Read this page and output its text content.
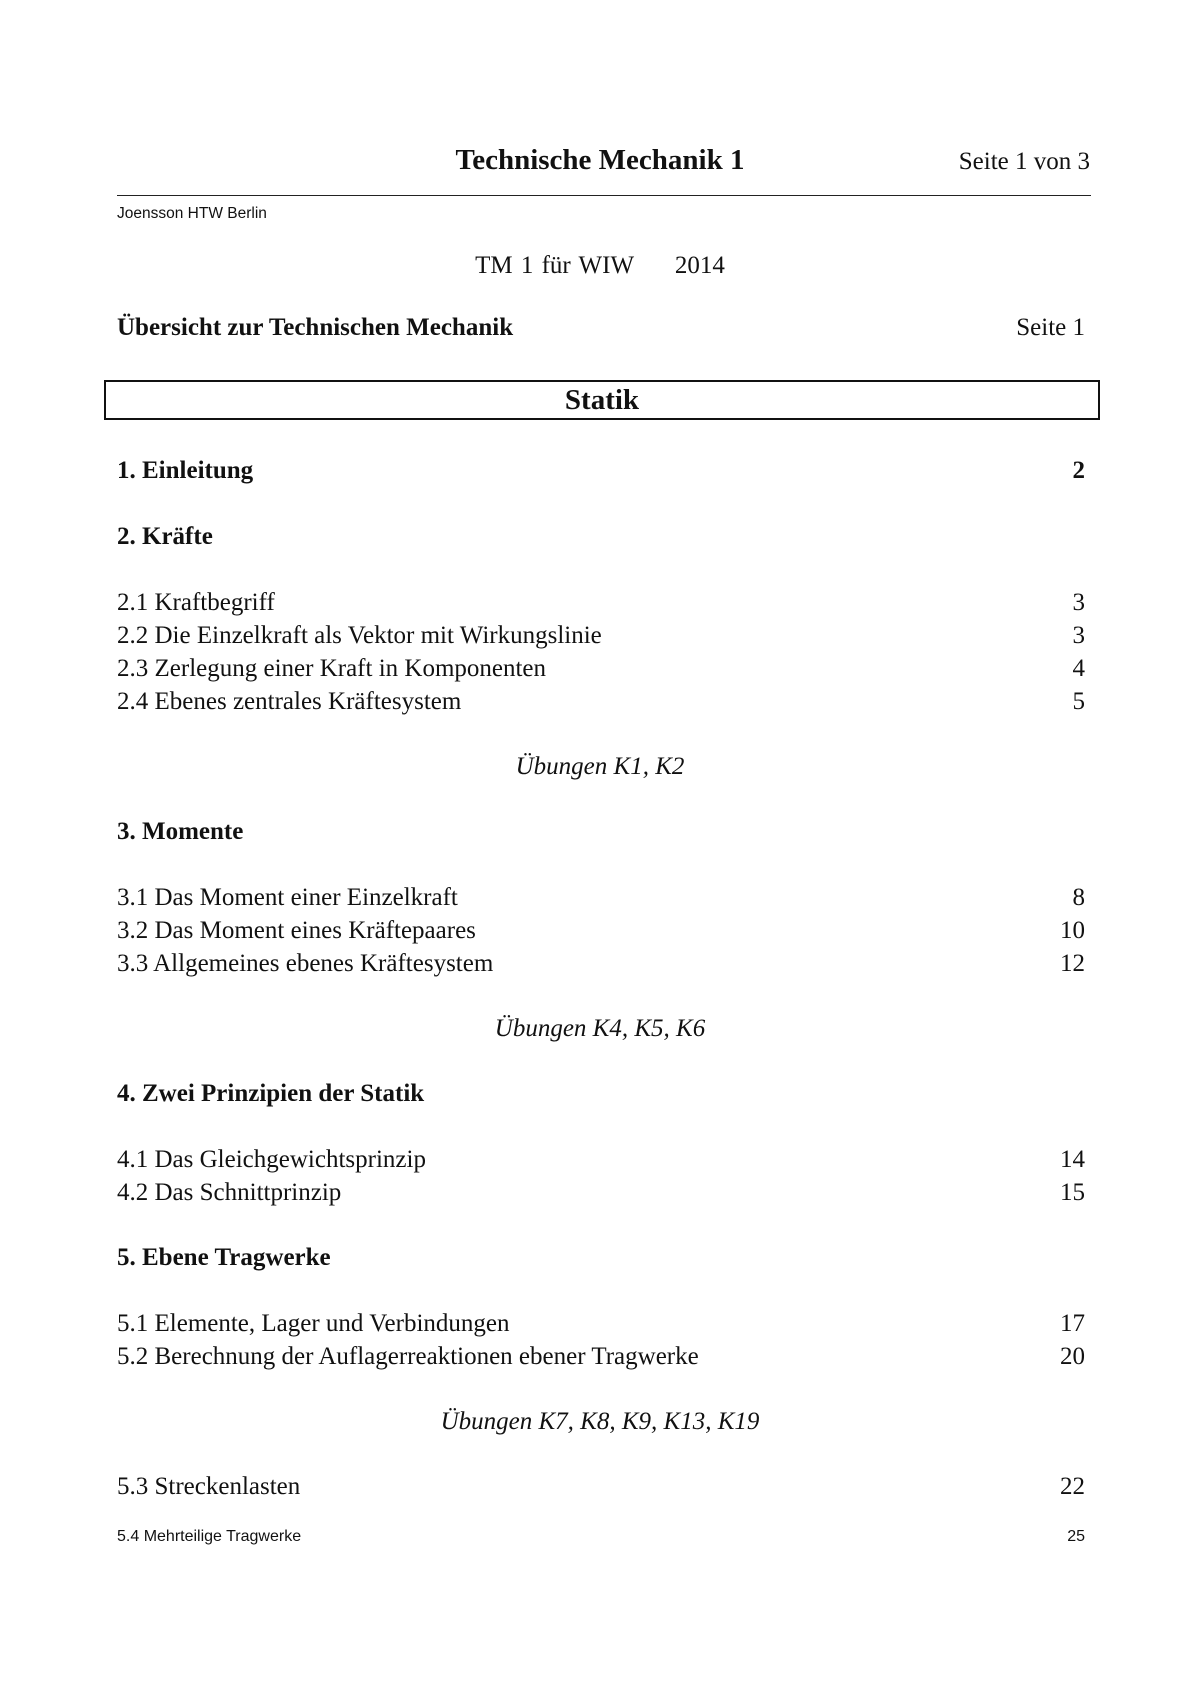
Technische Mechanik 1	Seite 1 von 3
Joensson HTW Berlin
TM 1 für WIW     2014
Übersicht zur Technischen Mechanik	Seite 1
Statik
1. Einleitung	2
2. Kräfte
2.1 Kraftbegriff	3
2.2 Die Einzelkraft als Vektor mit Wirkungslinie	3
2.3 Zerlegung einer Kraft in Komponenten	4
2.4 Ebenes zentrales Kräftesystem	5
Übungen K1, K2
3. Momente
3.1 Das Moment einer Einzelkraft	8
3.2 Das Moment eines Kräftepaares	10
3.3 Allgemeines ebenes Kräftesystem	12
Übungen K4, K5, K6
4. Zwei Prinzipien der Statik
4.1 Das Gleichgewichtsprinzip	14
4.2 Das Schnittprinzip	15
5. Ebene Tragwerke
5.1 Elemente, Lager und Verbindungen	17
5.2 Berechnung der Auflagerreaktionen ebener Tragwerke	20
Übungen K7, K8, K9, K13, K19
5.3 Streckenlasten	22
5.4 Mehrteilige Tragwerke	25
